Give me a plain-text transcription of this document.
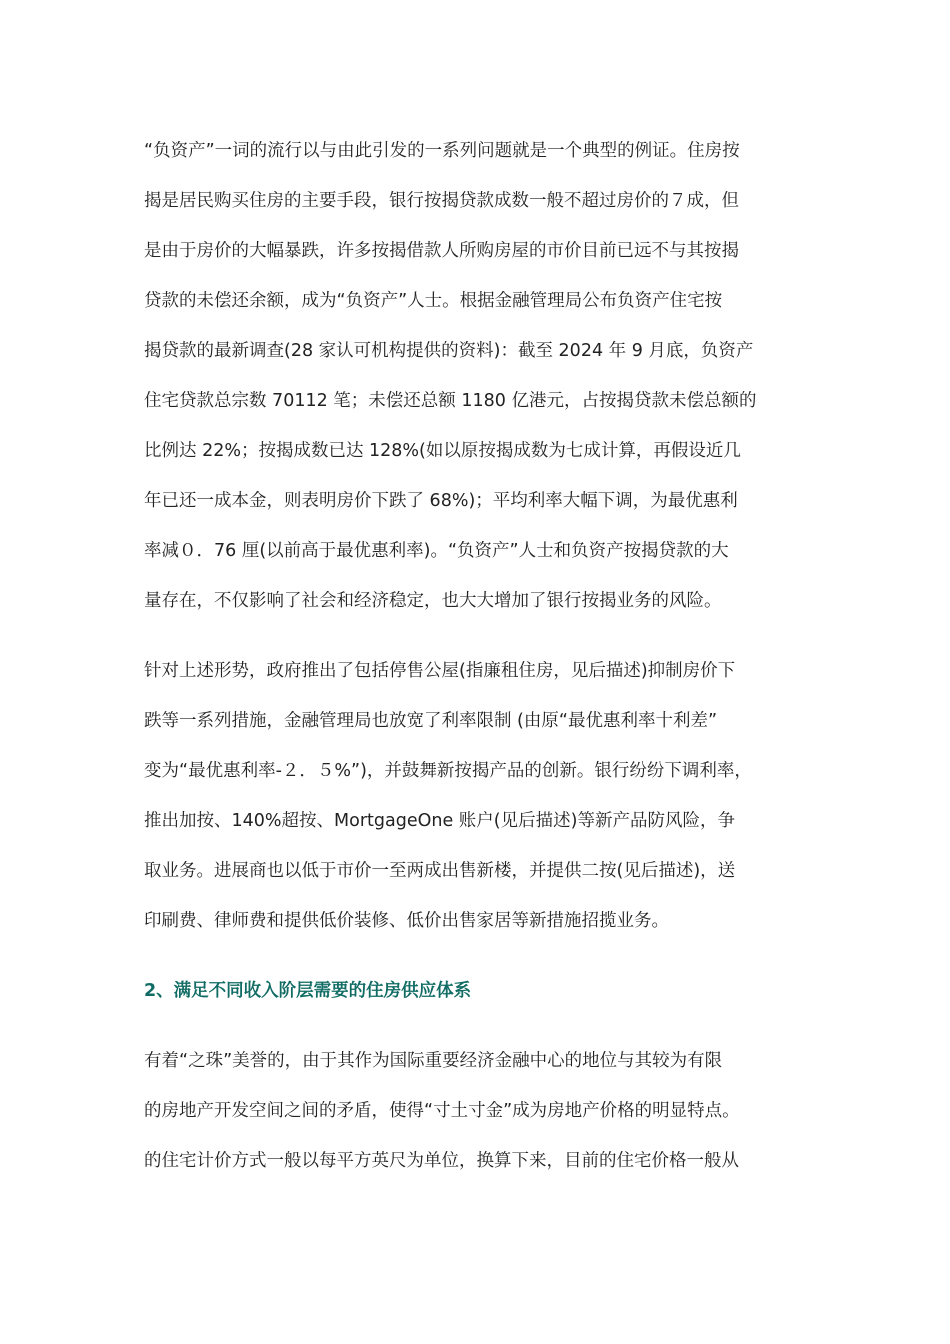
“负资产”一词的流行以与由此引发的一系列问题就是一个典型的例证。住房按
揭是居民购买住房的主要手段，银行按揭贷款成数一般不超过房价的７成，但
是由于房价的大幅暴跌，许多按揭借款人所购房屋的市价目前已远不与其按揭
贷款的未偿还余额，成为“负资产”人士。根据金融管理局公布负资产住宅按
揭贷款的最新调查(28 家认可机构提供的资料)：截至 2024 年 9 月底，负资产
住宅贷款总宗数 70112 笔；未偿还总额 1180 亿港元，占按揭贷款未偿总额的
比例达 22%；按揭成数已达 128%(如以原按揭成数为七成计算，再假设近几
年已还一成本金，则表明房价下跌了 68%)；平均利率大幅下调，为最优惠利
率减０．76 厘(以前高于最优惠利率)。“负资产”人士和负资产按揭贷款的大
量存在，不仅影响了社会和经济稳定，也大大增加了银行按揭业务的风险。
针对上述形势，政府推出了包括停售公屋(指廉租住房，见后描述)抑制房价下
跌等一系列措施，金融管理局也放宽了利率限制 (由原“最优惠利率十利差”
变为“最优惠利率-２．５%”)，并鼓舞新按揭产品的创新。银行纷纷下调利率，
推出加按、140%超按、MortgageOne 账户(见后描述)等新产品防风险，争
取业务。进展商也以低于市价一至两成出售新楼，并提供二按(见后描述)，送
印刷费、律师费和提供低价装修、低价出售家居等新措施招揽业务。
2、满足不同收入阶层需要的住房供应体系
有着“之珠”美誉的，由于其作为国际重要经济金融中心的地位与其较为有限
的房地产开发空间之间的矛盾，使得“寸土寸金”成为房地产价格的明显特点。
的住宅计价方式一般以每平方英尺为单位，换算下来，目前的住宅价格一般从
